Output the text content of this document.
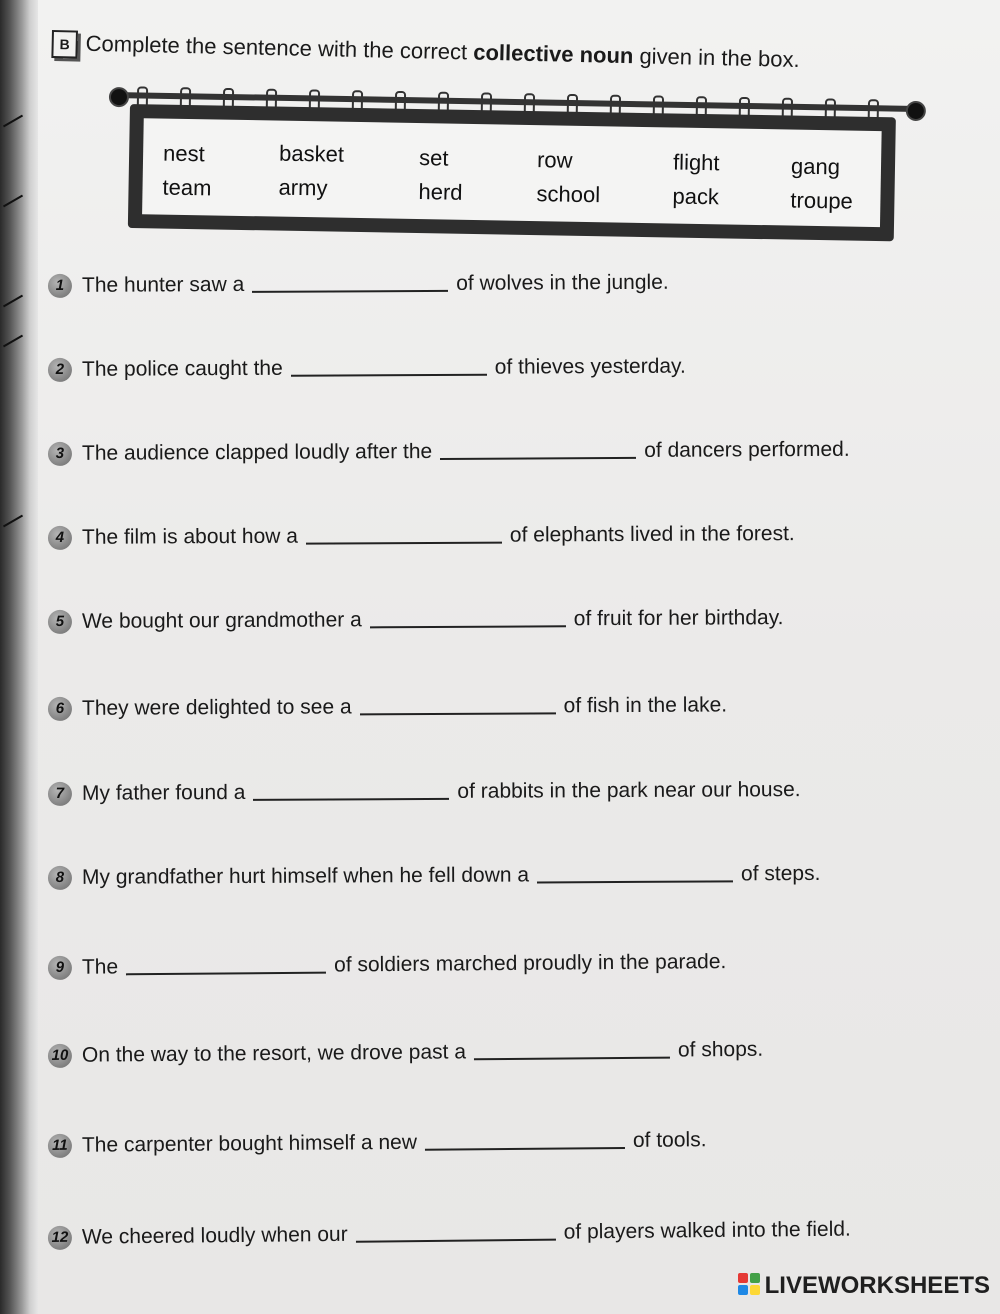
B Complete the sentence with the correct collective noun given in the box.
nest	basket	set	row	flight	gang
team	army	herd	school	pack	troupe
1 The hunter saw a	of wolves in the jungle.
2 The police caught the	of thieves yesterday.
3 The audience clapped loudly after the	of dancers performed.
4 The film is about how a	of elephants lived in the forest.
5 We bought our grandmother a	of fruit for her birthday.
6 They were delighted to see a	of fish in the lake.
7 My father found a	of rabbits in the park near our house.
8 My grandfather hurt himself when he fell down a	of steps.
9 The	of soldiers marched proudly in the parade.
10 On the way to the resort, we drove past a	of shops.
11 The carpenter bought himself a new	of tools.
12 We cheered loudly when our	of players walked into the field.
LIVEWORKSHEETS
